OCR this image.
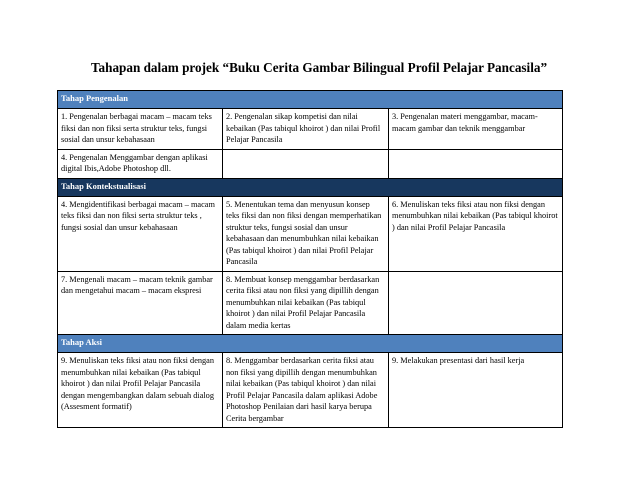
Tahapan dalam projek “Buku Cerita Gambar Bilingual Profil Pelajar Pancasila”
Tahap Pengenalan		
1. Pengenalan berbagai macam – macam teks fiksi dan non fiksi serta struktur teks, fungsi sosial dan unsur kebahasaan	2. Pengenalan sikap kompetisi dan nilai kebaikan (Pas tabiqul khoirot ) dan nilai Profil Pelajar Pancasila	3. Pengenalan materi menggambar, macam-macam gambar dan teknik menggambar
4. Pengenalan Menggambar dengan aplikasi digital Ibis,Adobe Photoshop dll.		
Tahap Kontekstualisasi		
4. Mengidentifikasi berbagai macam – macam teks fiksi dan non fiksi serta struktur teks , fungsi sosial dan unsur kebahasaan	5. Menentukan tema dan menyusun konsep teks fiksi dan non fiksi dengan memperhatikan struktur teks, fungsi sosial dan unsur kebahasaan dan menumbuhkan nilai kebaikan (Pas tabiqul khoirot ) dan nilai Profil Pelajar Pancasila	6. Menuliskan teks fiksi atau non fiksi dengan menumbuhkan nilai kebaikan (Pas tabiqul khoirot ) dan nilai Profil Pelajar Pancasila
7. Mengenali macam – macam teknik gambar dan mengetahui macam – macam ekspresi	8. Membuat konsep menggambar berdasarkan cerita fiksi atau non fiksi yang dipillih dengan menumbuhkan nilai kebaikan (Pas tabiqul khoirot ) dan nilai Profil Pelajar Pancasila dalam media kertas	
Tahap Aksi		
9. Menuliskan teks fiksi atau non fiksi dengan menumbuhkan nilai kebaikan (Pas tabiqul khoirot ) dan nilai Profil Pelajar Pancasila dengan mengembangkan dalam sebuah dialog (Assesment formatif)	8. Menggambar berdasarkan cerita fiksi atau non fiksi yang dipillih dengan menumbuhkan nilai kebaikan (Pas tabiqul khoirot ) dan nilai Profil Pelajar Pancasila dalam aplikasi Adobe Photoshop Penilaian dari hasil karya berupa Cerita bergambar	9. Melakukan presentasi dari hasil kerja
